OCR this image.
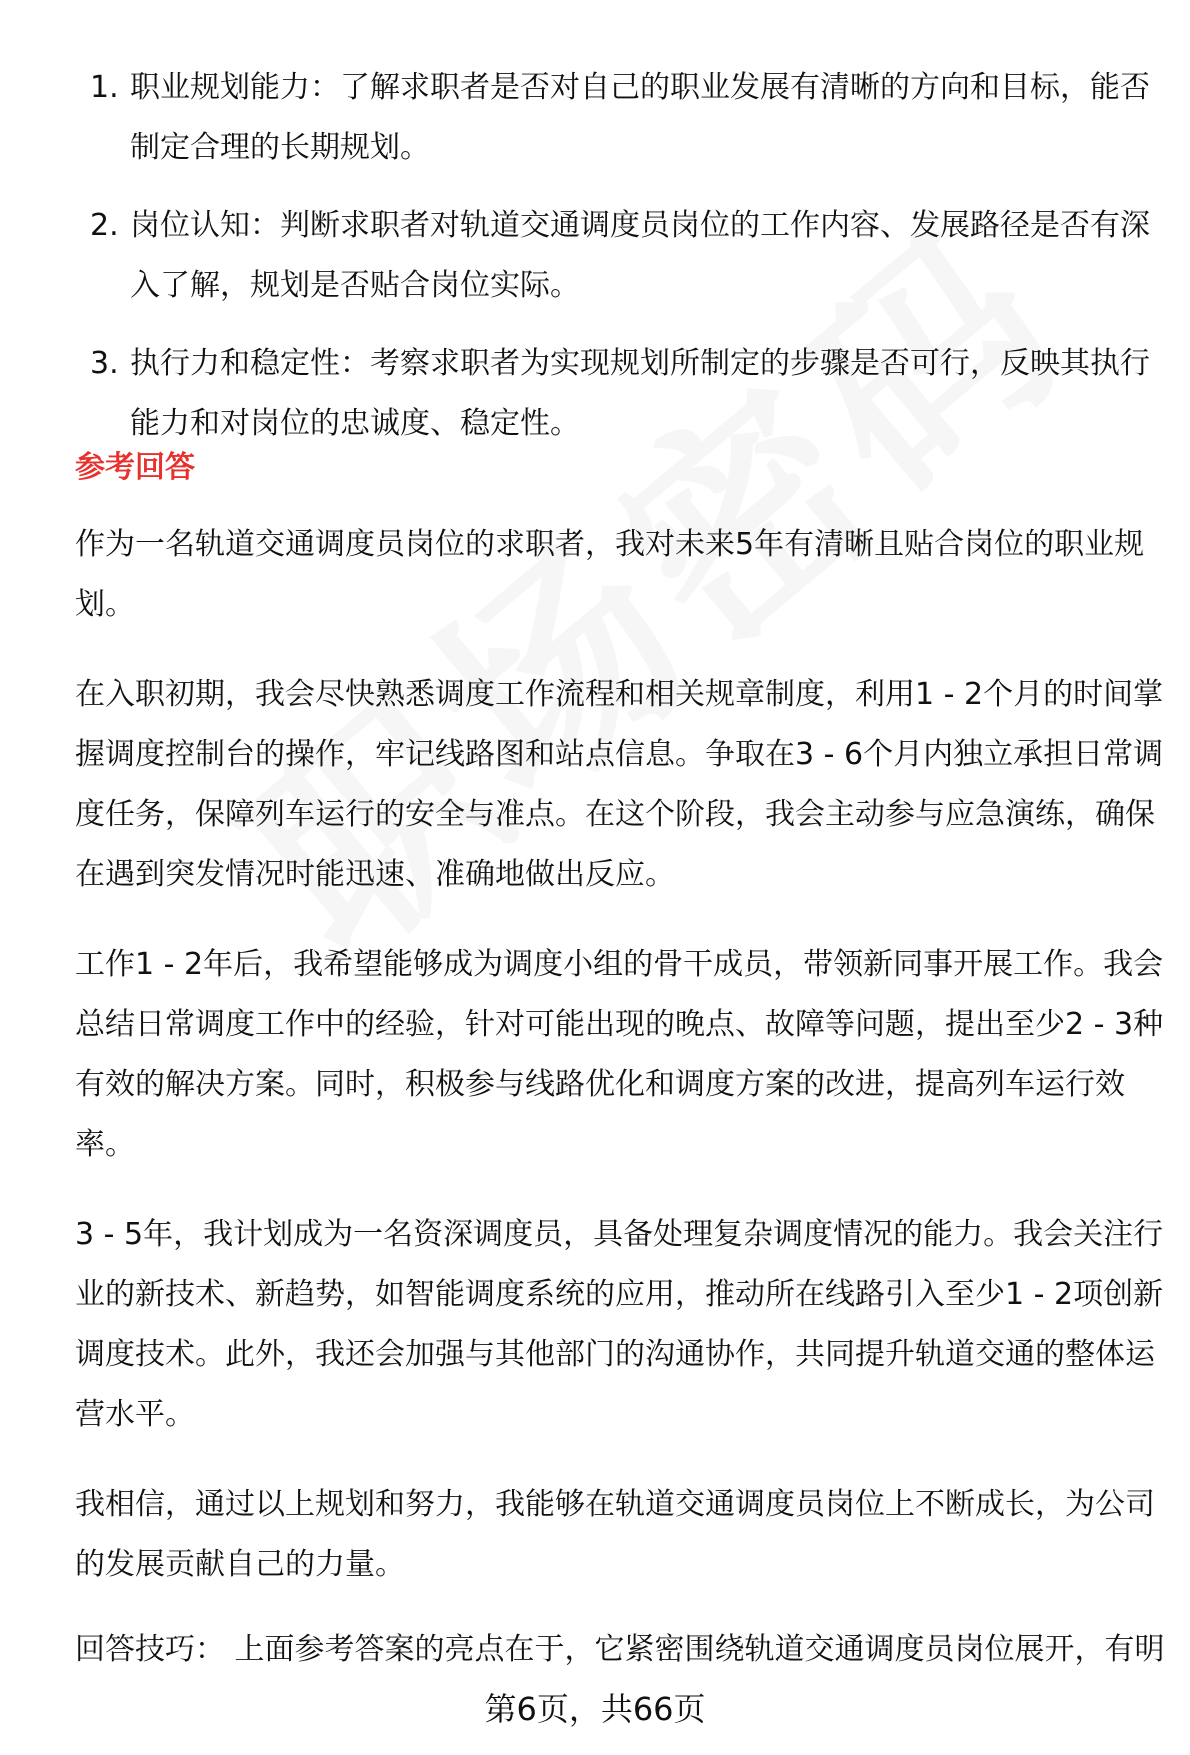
1. 职业规划能力：了解求职者是否对自己的职业发展有清晰的方向和目标，能否制定合理的长期规划。
2. 岗位认知：判断求职者对轨道交通调度员岗位的工作内容、发展路径是否有深入了解，规划是否贴合岗位实际。
3. 执行力和稳定性：考察求职者为实现规划所制定的步骤是否可行，反映其执行能力和对岗位的忠诚度、稳定性。
参考回答
作为一名轨道交通调度员岗位的求职者，我对未来5年有清晰且贴合岗位的职业规划。
在入职初期，我会尽快熟悉调度工作流程和相关规章制度，利用1 - 2个月的时间掌握调度控制台的操作，牢记线路图和站点信息。争取在3 - 6个月内独立承担日常调度任务，保障列车运行的安全与准点。在这个阶段，我会主动参与应急演练，确保在遇到突发情况时能迅速、准确地做出反应。
工作1 - 2年后，我希望能够成为调度小组的骨干成员，带领新同事开展工作。我会总结日常调度工作中的经验，针对可能出现的晚点、故障等问题，提出至少2 - 3种有效的解决方案。同时，积极参与线路优化和调度方案的改进，提高列车运行效率。
3 - 5年，我计划成为一名资深调度员，具备处理复杂调度情况的能力。我会关注行业的新技术、新趋势，如智能调度系统的应用，推动所在线路引入至少1 - 2项创新调度技术。此外，我还会加强与其他部门的沟通协作，共同提升轨道交通的整体运营水平。
我相信，通过以上规划和努力，我能够在轨道交通调度员岗位上不断成长，为公司的发展贡献自己的力量。
回答技巧： 上面参考答案的亮点在于，它紧密围绕轨道交通调度员岗位展开，有明
第6页，共66页
